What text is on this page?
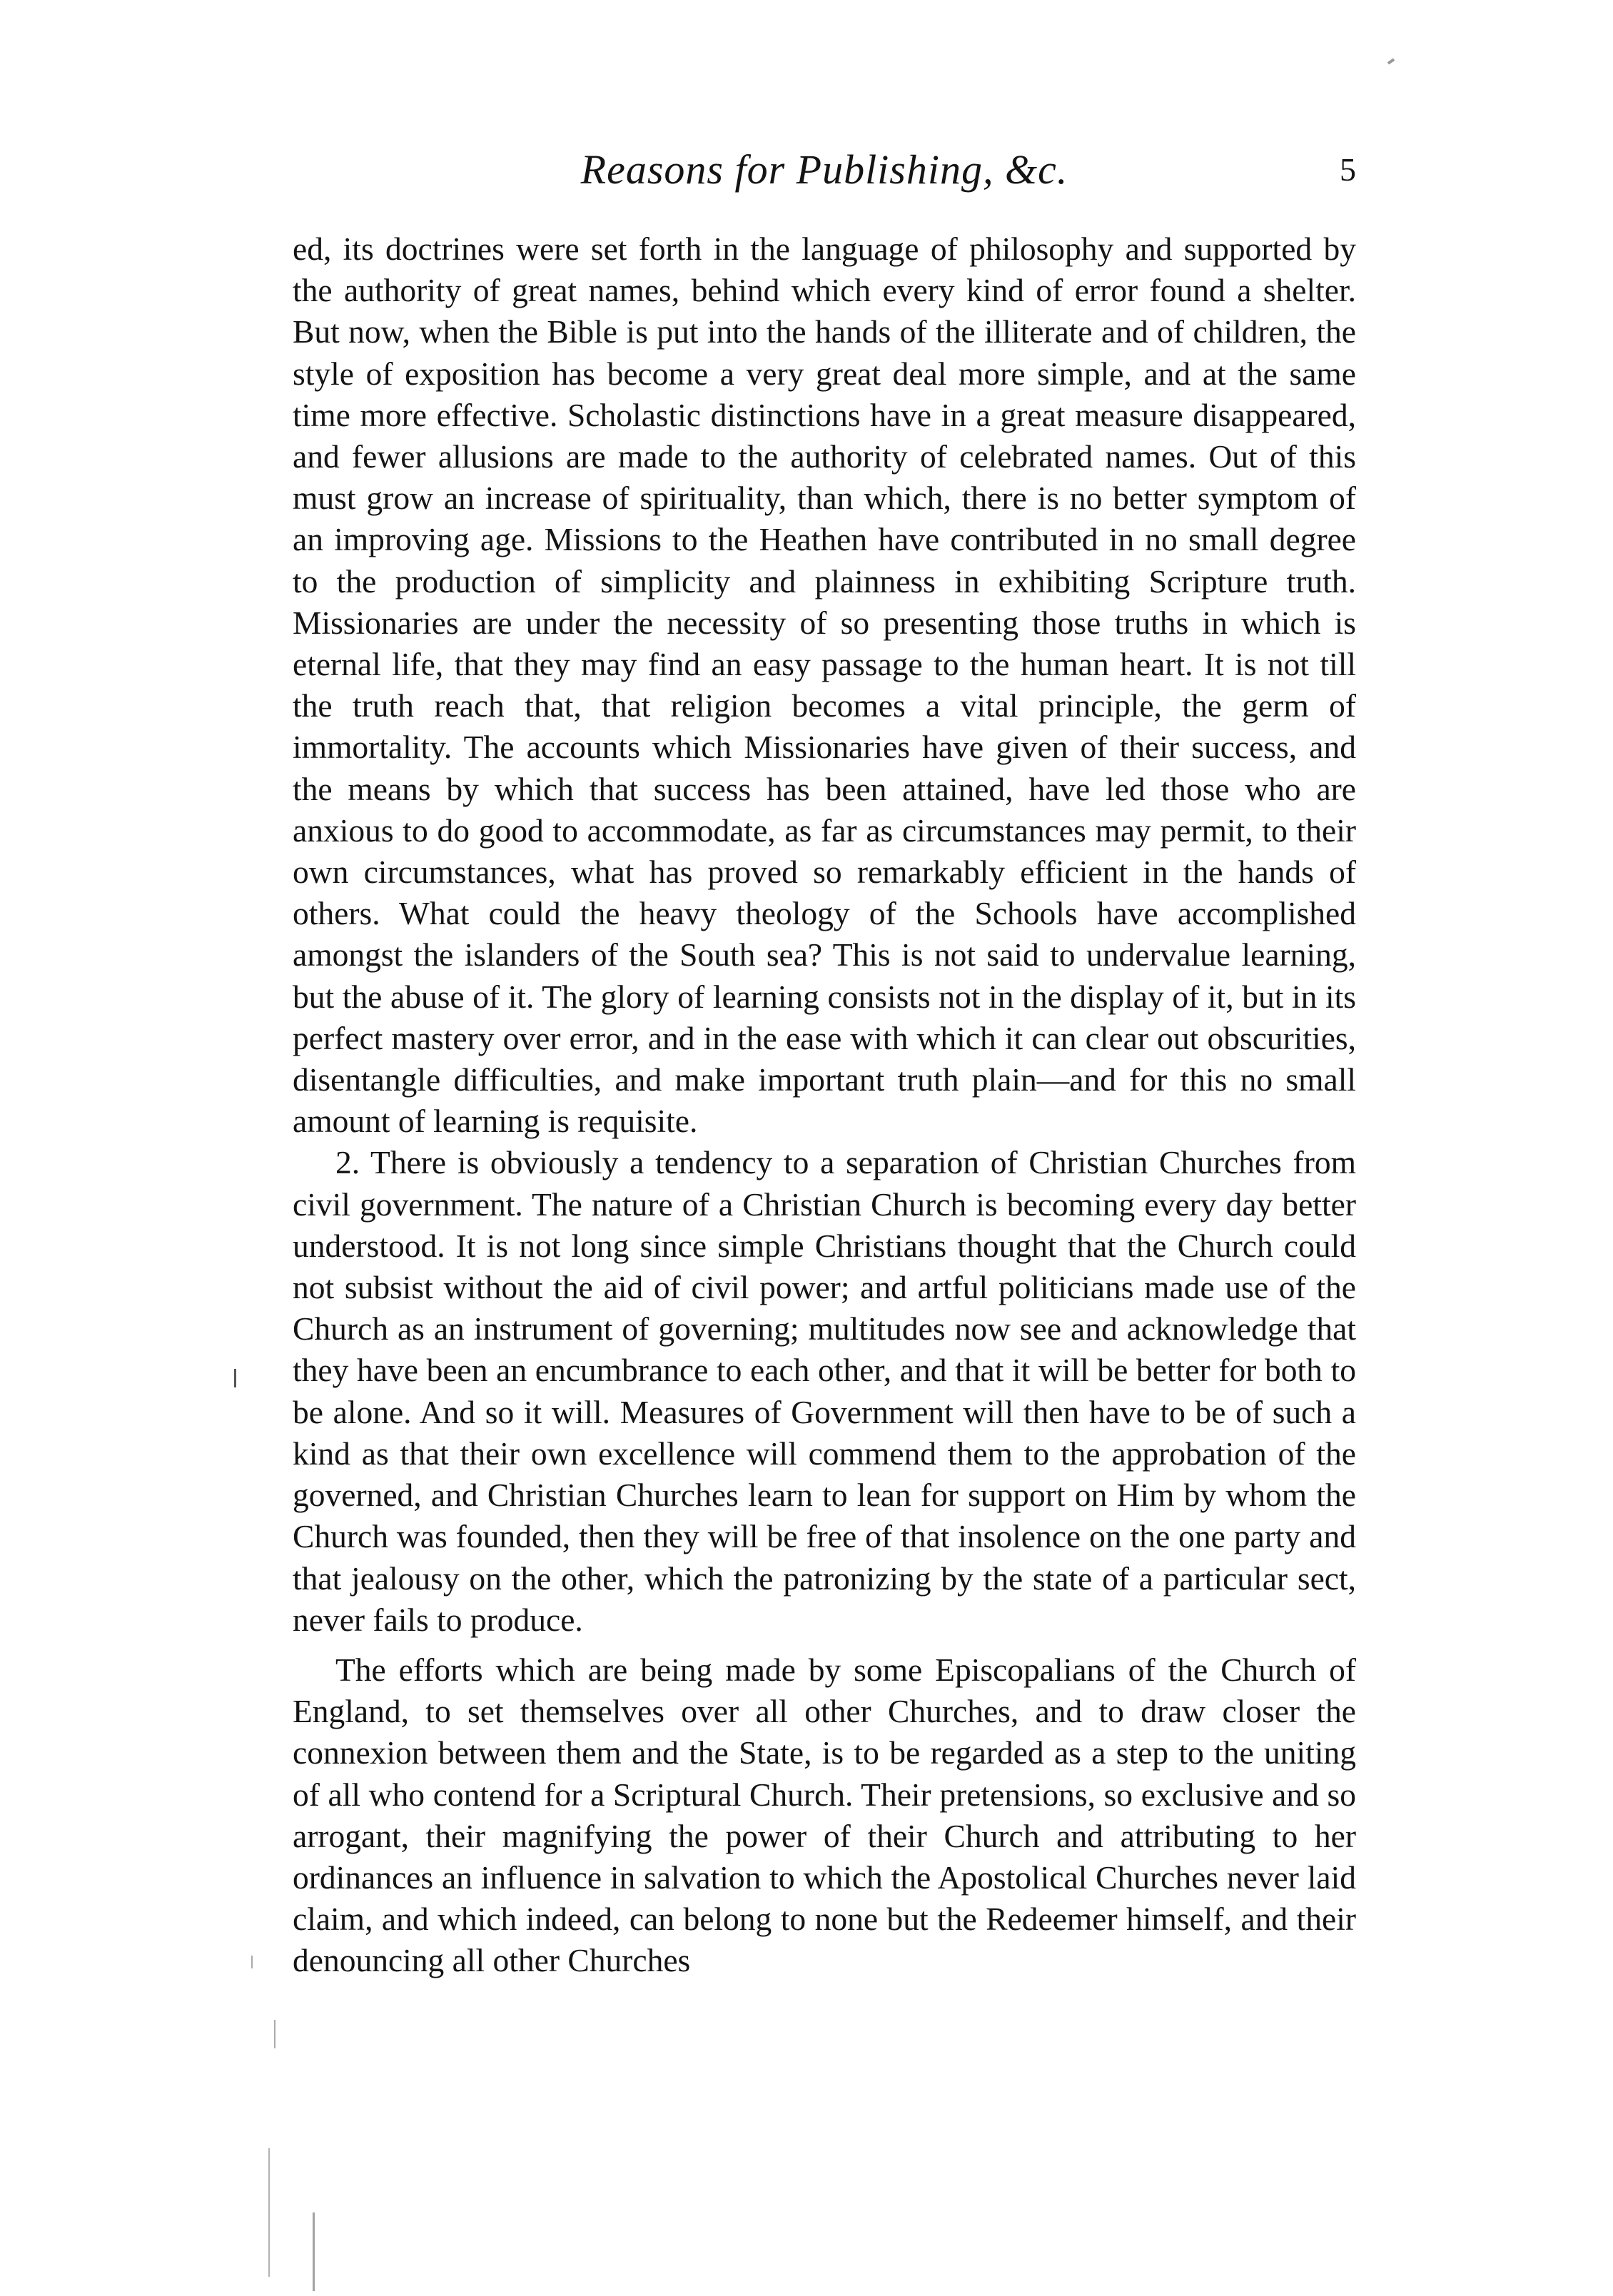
Reasons for Publishing, &c.	5

ed, its doctrines were set forth in the language of philosophy and supported by the authority of great names, behind which every kind of error found a shelter. But now, when the Bible is put into the hands of the illiterate and of children, the style of exposition has become a very great deal more simple, and at the same time more effective. Scholastic distinctions have in a great measure disappeared, and fewer allusions are made to the authority of celebrated names. Out of this must grow an increase of spirituality, than which, there is no better symptom of an improving age. Missions to the Heathen have contributed in no small degree to the production of simplicity and plainness in exhibiting Scripture truth. Missionaries are under the necessity of so presenting those truths in which is eternal life, that they may find an easy passage to the human heart. It is not till the truth reach that, that religion becomes a vital principle, the germ of immortality. The accounts which Missionaries have given of their success, and the means by which that success has been attained, have led those who are anxious to do good to accommodate, as far as circumstances may permit, to their own circumstances, what has proved so remarkably efficient in the hands of others. What could the heavy theology of the Schools have accomplished amongst the islanders of the South sea? This is not said to undervalue learning, but the abuse of it. The glory of learning consists not in the display of it, but in its perfect mastery over error, and in the ease with which it can clear out obscurities, disentangle difficulties, and make important truth plain—and for this no small amount of learning is requisite.

2. There is obviously a tendency to a separation of Christian Churches from civil government. The nature of a Christian Church is becoming every day better understood. It is not long since simple Christians thought that the Church could not subsist without the aid of civil power; and artful politicians made use of the Church as an instrument of governing; multitudes now see and acknowledge that they have been an encumbrance to each other, and that it will be better for both to be alone. And so it will. Measures of Government will then have to be of such a kind as that their own excellence will commend them to the approbation of the governed, and Christian Churches learn to lean for support on Him by whom the Church was founded, then they will be free of that insolence on the one party and that jealousy on the other, which the patronizing by the state of a particular sect, never fails to produce.

The efforts which are being made by some Episcopalians of the Church of England, to set themselves over all other Churches, and to draw closer the connexion between them and the State, is to be regarded as a step to the uniting of all who contend for a Scriptural Church. Their pretensions, so exclusive and so arrogant, their magnifying the power of their Church and attributing to her ordinances an influence in salvation to which the Apostolical Churches never laid claim, and which indeed, can belong to none but the Redeemer himself, and their denouncing all other Churches
